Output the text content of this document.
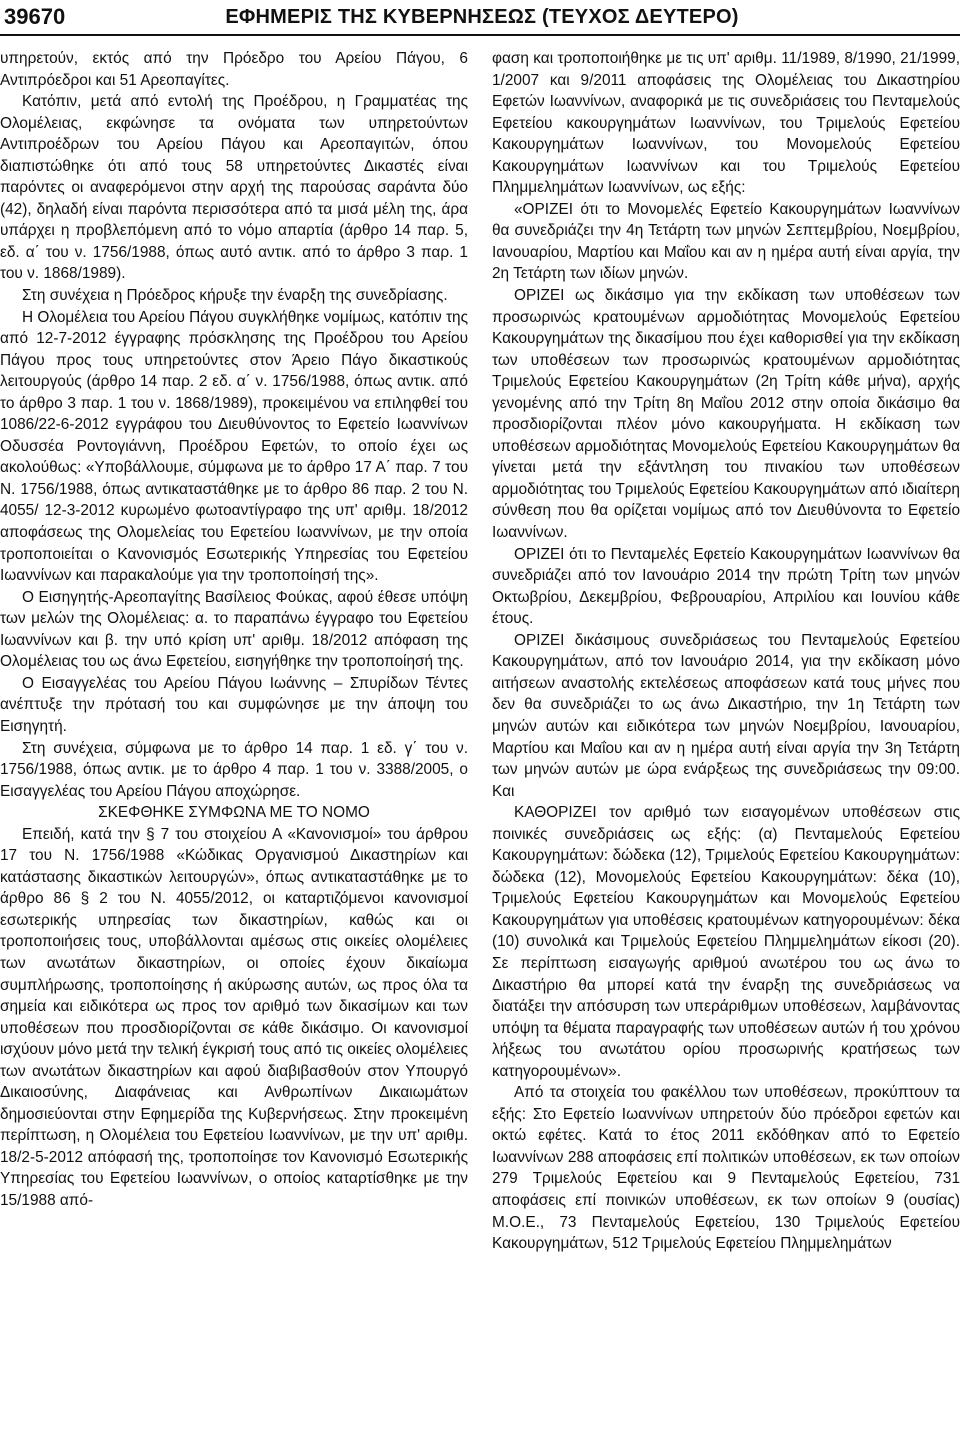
39670	ΕΦΗΜΕΡΙΣ ΤΗΣ ΚΥΒΕΡΝΗΣΕΩΣ (ΤΕΥΧΟΣ ΔΕΥΤΕΡΟ)

υπηρετούν, εκτός από την Πρόεδρο του Αρείου Πάγου, 6 Αντιπρόεδροι και 51 Αρεοπαγίτες.

Κατόπιν, μετά από εντολή της Προέδρου, η Γραμματέας της Ολομέλειας, εκφώνησε τα ονόματα των υπηρετούντων Αντιπροέδρων του Αρείου Πάγου και Αρεοπαγιτών, όπου διαπιστώθηκε ότι από τους 58 υπηρετούντες Δικαστές είναι παρόντες οι αναφερόμενοι στην αρχή της παρούσας σαράντα δύο (42), δηλαδή είναι παρόντα περισσότερα από τα μισά μέλη της, άρα υπάρχει η προβλεπόμενη από το νόμο απαρτία (άρθρο 14 παρ. 5, εδ. α΄ του ν. 1756/1988, όπως αυτό αντικ. από το άρθρο 3 παρ. 1 του ν. 1868/1989).

Στη συνέχεια η Πρόεδρος κήρυξε την έναρξη της συνεδρίασης.

Η Ολομέλεια του Αρείου Πάγου συγκλήθηκε νομίμως, κατόπιν της από 12-7-2012 έγγραφης πρόσκλησης της Προέδρου του Αρείου Πάγου προς τους υπηρετούντες στον Άρειο Πάγο δικαστικούς λειτουργούς (άρθρο 14 παρ. 2 εδ. α΄ ν. 1756/1988, όπως αντικ. από το άρθρο 3 παρ. 1 του ν. 1868/1989), προκειμένου να επιληφθεί του 1086/22-6-2012 εγγράφου του Διευθύνοντος το Εφετείο Ιωαννίνων Οδυσσέα Ροντογιάννη, Προέδρου Εφετών, το οποίο έχει ως ακολούθως: «Υποβάλλουμε, σύμφωνα με το άρθρο 17 Α΄ παρ. 7 του Ν. 1756/1988, όπως αντικαταστάθηκε με το άρθρο 86 παρ. 2 του Ν. 4055/ 12-3-2012 κυρωμένο φωτοαντίγραφο της υπ' αριθμ. 18/2012 αποφάσεως της Ολομελείας του Εφετείου Ιωαννίνων, με την οποία τροποποιείται ο Κανονισμός Εσωτερικής Υπηρεσίας του Εφετείου Ιωαννίνων και παρακαλούμε για την τροποποίησή της».

Ο Εισηγητής-Αρεοπαγίτης Βασίλειος Φούκας, αφού έθεσε υπόψη των μελών της Ολομέλειας: α. το παραπάνω έγγραφο του Εφετείου Ιωαννίνων και β. την υπό κρίση υπ' αριθμ. 18/2012 απόφαση της Ολομέλειας του ως άνω Εφετείου, εισηγήθηκε την τροποποίησή της.

Ο Εισαγγελέας του Αρείου Πάγου Ιωάννης – Σπυρίδων Τέντες ανέπτυξε την πρότασή του και συμφώνησε με την άποψη του Εισηγητή.

Στη συνέχεια, σύμφωνα με το άρθρο 14 παρ. 1 εδ. γ΄ του ν. 1756/1988, όπως αντικ. με το άρθρο 4 παρ. 1 του ν. 3388/2005, ο Εισαγγελέας του Αρείου Πάγου αποχώρησε.

ΣΚΕΦΘΗΚΕ ΣΥΜΦΩΝΑ ΜΕ ΤΟ ΝΟΜΟ

Επειδή, κατά την § 7 του στοιχείου Α «Κανονισμοί» του άρθρου 17 του Ν. 1756/1988 «Κώδικας Οργανισμού Δικαστηρίων και κατάστασης δικαστικών λειτουργών», όπως αντικαταστάθηκε με το άρθρο 86 § 2 του Ν. 4055/2012, οι καταρτιζόμενοι κανονισμοί εσωτερικής υπηρεσίας των δικαστηρίων, καθώς και οι τροποποιήσεις τους, υποβάλλονται αμέσως στις οικείες ολομέλειες των ανωτάτων δικαστηρίων, οι οποίες έχουν δικαίωμα συμπλήρωσης, τροποποίησης ή ακύρωσης αυτών, ως προς όλα τα σημεία και ειδικότερα ως προς τον αριθμό των δικασίμων και των υποθέσεων που προσδιορίζονται σε κάθε δικάσιμο. Οι κανονισμοί ισχύουν μόνο μετά την τελική έγκρισή τους από τις οικείες ολομέλειες των ανωτάτων δικαστηρίων και αφού διαβιβασθούν στον Υπουργό Δικαιοσύνης, Διαφάνειας και Ανθρωπίνων Δικαιωμάτων δημοσιεύονται στην Εφημερίδα της Κυβερνήσεως. Στην προκειμένη περίπτωση, η Ολομέλεια του Εφετείου Ιωαννίνων, με την υπ' αριθμ. 18/2-5-2012 απόφασή της, τροποποίησε τον Κανονισμό Εσωτερικής Υπηρεσίας του Εφετείου Ιωαννίνων, ο οποίος καταρτίσθηκε με την 15/1988 από-

φαση και τροποποιήθηκε με τις υπ' αριθμ. 11/1989, 8/1990, 21/1999, 1/2007 και 9/2011 αποφάσεις της Ολομέλειας του Δικαστηρίου Εφετών Ιωαννίνων, αναφορικά με τις συνεδριάσεις του Πενταμελούς Εφετείου κακουργημάτων Ιωαννίνων, του Τριμελούς Εφετείου Κακουργημάτων Ιωαννίνων, του Μονομελούς Εφετείου Κακουργημάτων Ιωαννίνων και του Τριμελούς Εφετείου Πλημμελημάτων Ιωαννίνων, ως εξής:

«ΟΡΙΖΕΙ ότι το Μονομελές Εφετείο Κακουργημάτων Ιωαννίνων θα συνεδριάζει την 4η Τετάρτη των μηνών Σεπτεμβρίου, Νοεμβρίου, Ιανουαρίου, Μαρτίου και Μαΐου και αν η ημέρα αυτή είναι αργία, την 2η Τετάρτη των ιδίων μηνών.

ΟΡΙΖΕΙ ως δικάσιμο για την εκδίκαση των υποθέσεων των προσωρινώς κρατουμένων αρμοδιότητας Μονομελούς Εφετείου Κακουργημάτων της δικασίμου που έχει καθορισθεί για την εκδίκαση των υποθέσεων των προσωρινώς κρατουμένων αρμοδιότητας Τριμελούς Εφετείου Κακουργημάτων (2η Τρίτη κάθε μήνα), αρχής γενομένης από την Τρίτη 8η Μαΐου 2012 στην οποία δικάσιμο θα προσδιορίζονται πλέον μόνο κακουργήματα. Η εκδίκαση των υποθέσεων αρμοδιότητας Μονομελούς Εφετείου Κακουργημάτων θα γίνεται μετά την εξάντληση του πινακίου των υποθέσεων αρμοδιότητας του Τριμελούς Εφετείου Κακουργημάτων από ιδιαίτερη σύνθεση που θα ορίζεται νομίμως από τον Διευθύνοντα το Εφετείο Ιωαννίνων.

ΟΡΙΖΕΙ ότι το Πενταμελές Εφετείο Κακουργημάτων Ιωαννίνων θα συνεδριάζει από τον Ιανουάριο 2014 την πρώτη Τρίτη των μηνών Οκτωβρίου, Δεκεμβρίου, Φεβρουαρίου, Απριλίου και Ιουνίου κάθε έτους.

ΟΡΙΖΕΙ δικάσιμους συνεδριάσεως του Πενταμελούς Εφετείου Κακουργημάτων, από τον Ιανουάριο 2014, για την εκδίκαση μόνο αιτήσεων αναστολής εκτελέσεως αποφάσεων κατά τους μήνες που δεν θα συνεδριάζει το ως άνω Δικαστήριο, την 1η Τετάρτη των μηνών αυτών και ειδικότερα των μηνών Νοεμβρίου, Ιανουαρίου, Μαρτίου και Μαΐου και αν η ημέρα αυτή είναι αργία την 3η Τετάρτη των μηνών αυτών με ώρα ενάρξεως της συνεδριάσεως την 09:00. Και

ΚΑΘΟΡΙΖΕΙ τον αριθμό των εισαγομένων υποθέσεων στις ποινικές συνεδριάσεις ως εξής: (α) Πενταμελούς Εφετείου Κακουργημάτων: δώδεκα (12), Τριμελούς Εφετείου Κακουργημάτων: δώδεκα (12), Μονομελούς Εφετείου Κακουργημάτων: δέκα (10), Τριμελούς Εφετείου Κακουργημάτων και Μονομελούς Εφετείου Κακουργημάτων για υποθέσεις κρατουμένων κατηγορουμένων: δέκα (10) συνολικά και Τριμελούς Εφετείου Πλημμελημάτων είκοσι (20). Σε περίπτωση εισαγωγής αριθμού ανωτέρου του ως άνω το Δικαστήριο θα μπορεί κατά την έναρξη της συνεδριάσεως να διατάξει την απόσυρση των υπεράριθμων υποθέσεων, λαμβάνοντας υπόψη τα θέματα παραγραφής των υποθέσεων αυτών ή του χρόνου λήξεως του ανωτάτου ορίου προσωρινής κρατήσεως των κατηγορουμένων».

Από τα στοιχεία του φακέλλου των υποθέσεων, προκύπτουν τα εξής: Στο Εφετείο Ιωαννίνων υπηρετούν δύο πρόεδροι εφετών και οκτώ εφέτες. Κατά το έτος 2011 εκδόθηκαν από το Εφετείο Ιωαννίνων 288 αποφάσεις επί πολιτικών υποθέσεων, εκ των οποίων 279 Τριμελούς Εφετείου και 9 Πενταμελούς Εφετείου, 731 αποφάσεις επί ποινικών υποθέσεων, εκ των οποίων 9 (ουσίας) Μ.Ο.Ε., 73 Πενταμελούς Εφετείου, 130 Τριμελούς Εφετείου Κακουργημάτων, 512 Τριμελούς Εφετείου Πλημμελημάτων
